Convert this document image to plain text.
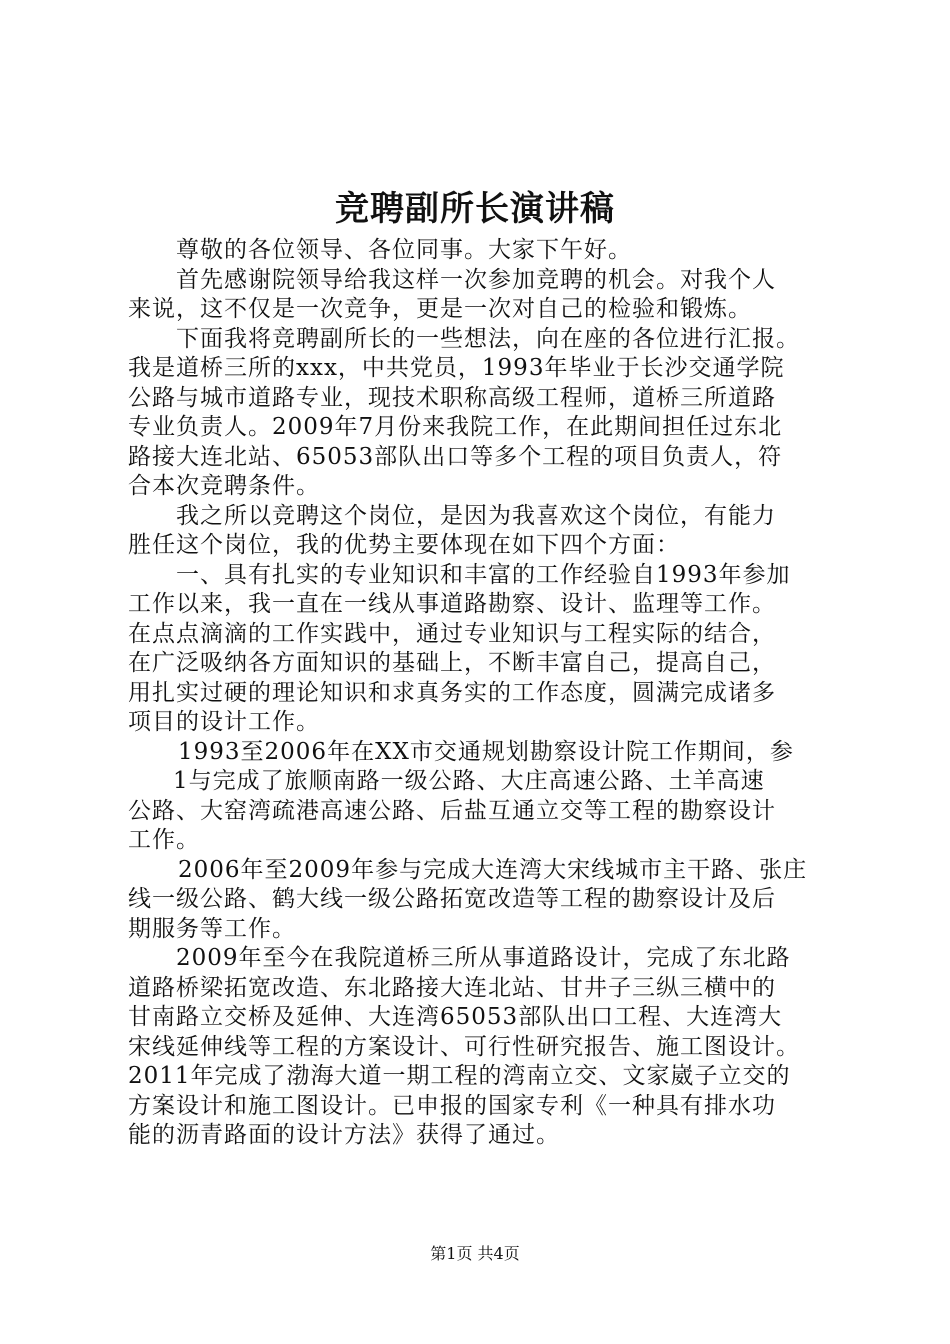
竞聘副所长演讲稿
尊敬的各位领导、各位同事。大家下午好。
首先感谢院领导给我这样一次参加竞聘的机会。对我个人
来说，这不仅是一次竞争，更是一次对自己的检验和锻炼。
下面我将竞聘副所长的一些想法，向在座的各位进行汇报。
我是道桥三所的xxx，中共党员，1993年毕业于长沙交通学院
公路与城市道路专业，现技术职称高级工程师，道桥三所道路
专业负责人。2009年7月份来我院工作，在此期间担任过东北
路接大连北站、65053部队出口等多个工程的项目负责人，符
合本次竞聘条件。
我之所以竞聘这个岗位，是因为我喜欢这个岗位，有能力
胜任这个岗位，我的优势主要体现在如下四个方面：
一、具有扎实的专业知识和丰富的工作经验自1993年参加
工作以来，我一直在一线从事道路勘察、设计、监理等工作。
在点点滴滴的工作实践中，通过专业知识与工程实际的结合，
在广泛吸纳各方面知识的基础上，不断丰富自己，提高自己，
用扎实过硬的理论知识和求真务实的工作态度，圆满完成诸多
项目的设计工作。
1993至2006年在XX市交通规划勘察设计院工作期间，参
1与完成了旅顺南路一级公路、大庄高速公路、土羊高速
公路、大窑湾疏港高速公路、后盐互通立交等工程的勘察设计
工作。
2006年至2009年参与完成大连湾大宋线城市主干路、张庄
线一级公路、鹤大线一级公路拓宽改造等工程的勘察设计及后
期服务等工作。
2009年至今在我院道桥三所从事道路设计，完成了东北路
道路桥梁拓宽改造、东北路接大连北站、甘井子三纵三横中的
甘南路立交桥及延伸、大连湾65053部队出口工程、大连湾大
宋线延伸线等工程的方案设计、可行性研究报告、施工图设计。
2011年完成了渤海大道一期工程的湾南立交、文家崴子立交的
方案设计和施工图设计。已申报的国家专利《一种具有排水功
能的沥青路面的设计方法》获得了通过。
第1页 共4页
